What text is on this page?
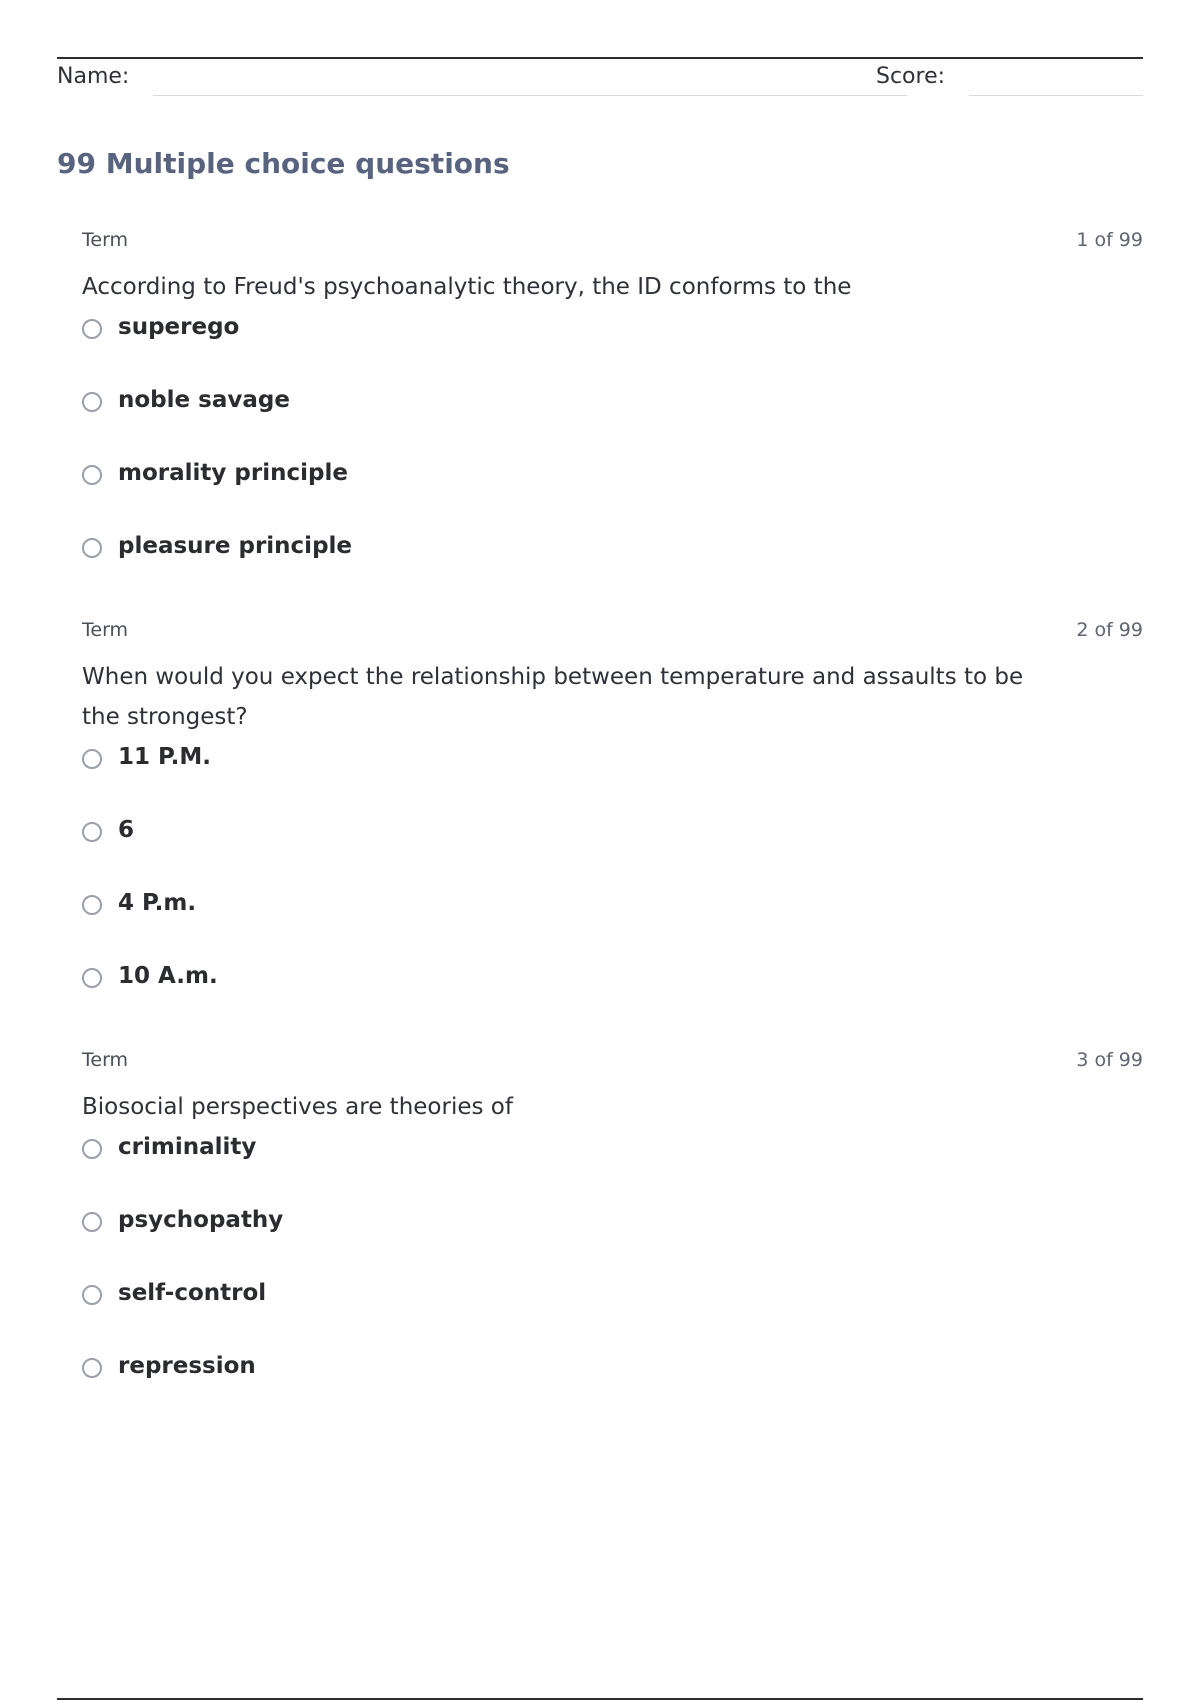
Name:	Score:
99 Multiple choice questions
Term	1 of 99

According to Freud's psychoanalytic theory, the ID conforms to the

superego
noble savage
morality principle
pleasure principle
Term	2 of 99

When would you expect the relationship between temperature and assaults to be the strongest?

11 P.M.
6
4 P.m.
10 A.m.
Term	3 of 99

Biosocial perspectives are theories of

criminality
psychopathy
self-control
repression
